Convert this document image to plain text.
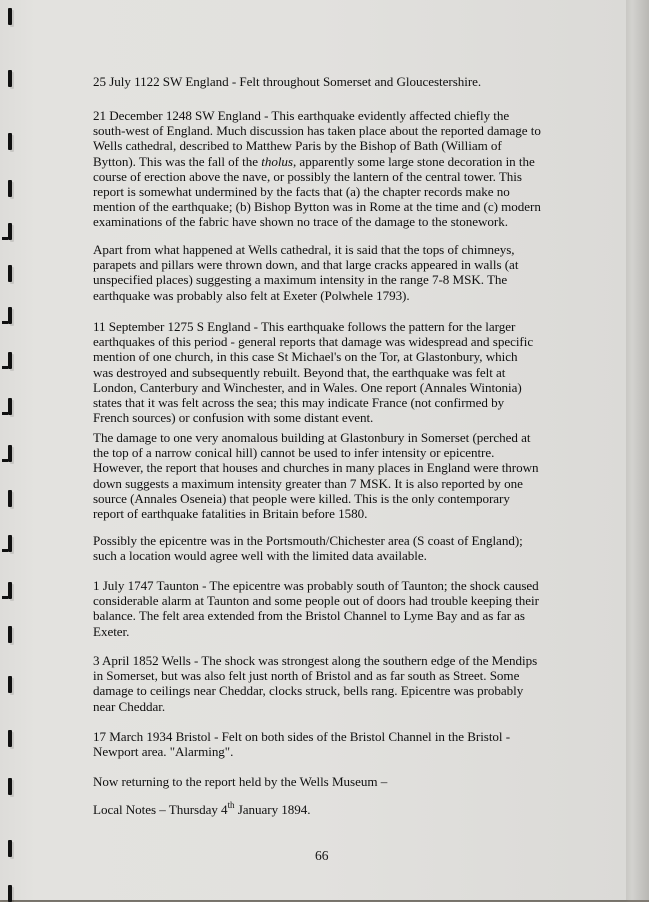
25 July 1122 SW England - Felt throughout Somerset and Gloucestershire.

21 December 1248 SW England - This earthquake evidently affected chiefly the
south-west of England. Much discussion has taken place about the reported damage to
Wells cathedral, described to Matthew Paris by the Bishop of Bath (William of
Bytton). This was the fall of the tholus, apparently some large stone decoration in the
course of erection above the nave, or possibly the lantern of the central tower. This
report is somewhat undermined by the facts that (a) the chapter records make no
mention of the earthquake; (b) Bishop Bytton was in Rome at the time and (c) modern
examinations of the fabric have shown no trace of the damage to the stonework.

Apart from what happened at Wells cathedral, it is said that the tops of chimneys,
parapets and pillars were thrown down, and that large cracks appeared in walls (at
unspecified places) suggesting a maximum intensity in the range 7-8 MSK. The
earthquake was probably also felt at Exeter (Polwhele 1793).

11 September 1275 S England - This earthquake follows the pattern for the larger
earthquakes of this period - general reports that damage was widespread and specific
mention of one church, in this case St Michael's on the Tor, at Glastonbury, which
was destroyed and subsequently rebuilt. Beyond that, the earthquake was felt at
London, Canterbury and Winchester, and in Wales. One report (Annales Wintonia)
states that it was felt across the sea; this may indicate France (not confirmed by
French sources) or confusion with some distant event.

The damage to one very anomalous building at Glastonbury in Somerset (perched at
the top of a narrow conical hill) cannot be used to infer intensity or epicentre.
However, the report that houses and churches in many places in England were thrown
down suggests a maximum intensity greater than 7 MSK. It is also reported by one
source (Annales Oseneia) that people were killed. This is the only contemporary
report of earthquake fatalities in Britain before 1580.

Possibly the epicentre was in the Portsmouth/Chichester area (S coast of England);
such a location would agree well with the limited data available.

1 July 1747 Taunton - The epicentre was probably south of Taunton; the shock caused
considerable alarm at Taunton and some people out of doors had trouble keeping their
balance. The felt area extended from the Bristol Channel to Lyme Bay and as far as
Exeter.

3 April 1852 Wells - The shock was strongest along the southern edge of the Mendips
in Somerset, but was also felt just north of Bristol and as far south as Street. Some
damage to ceilings near Cheddar, clocks struck, bells rang. Epicentre was probably
near Cheddar.

17 March 1934 Bristol - Felt on both sides of the Bristol Channel in the Bristol -
Newport area. "Alarming".

Now returning to the report held by the Wells Museum –

Local Notes – Thursday 4th January 1894.

66
